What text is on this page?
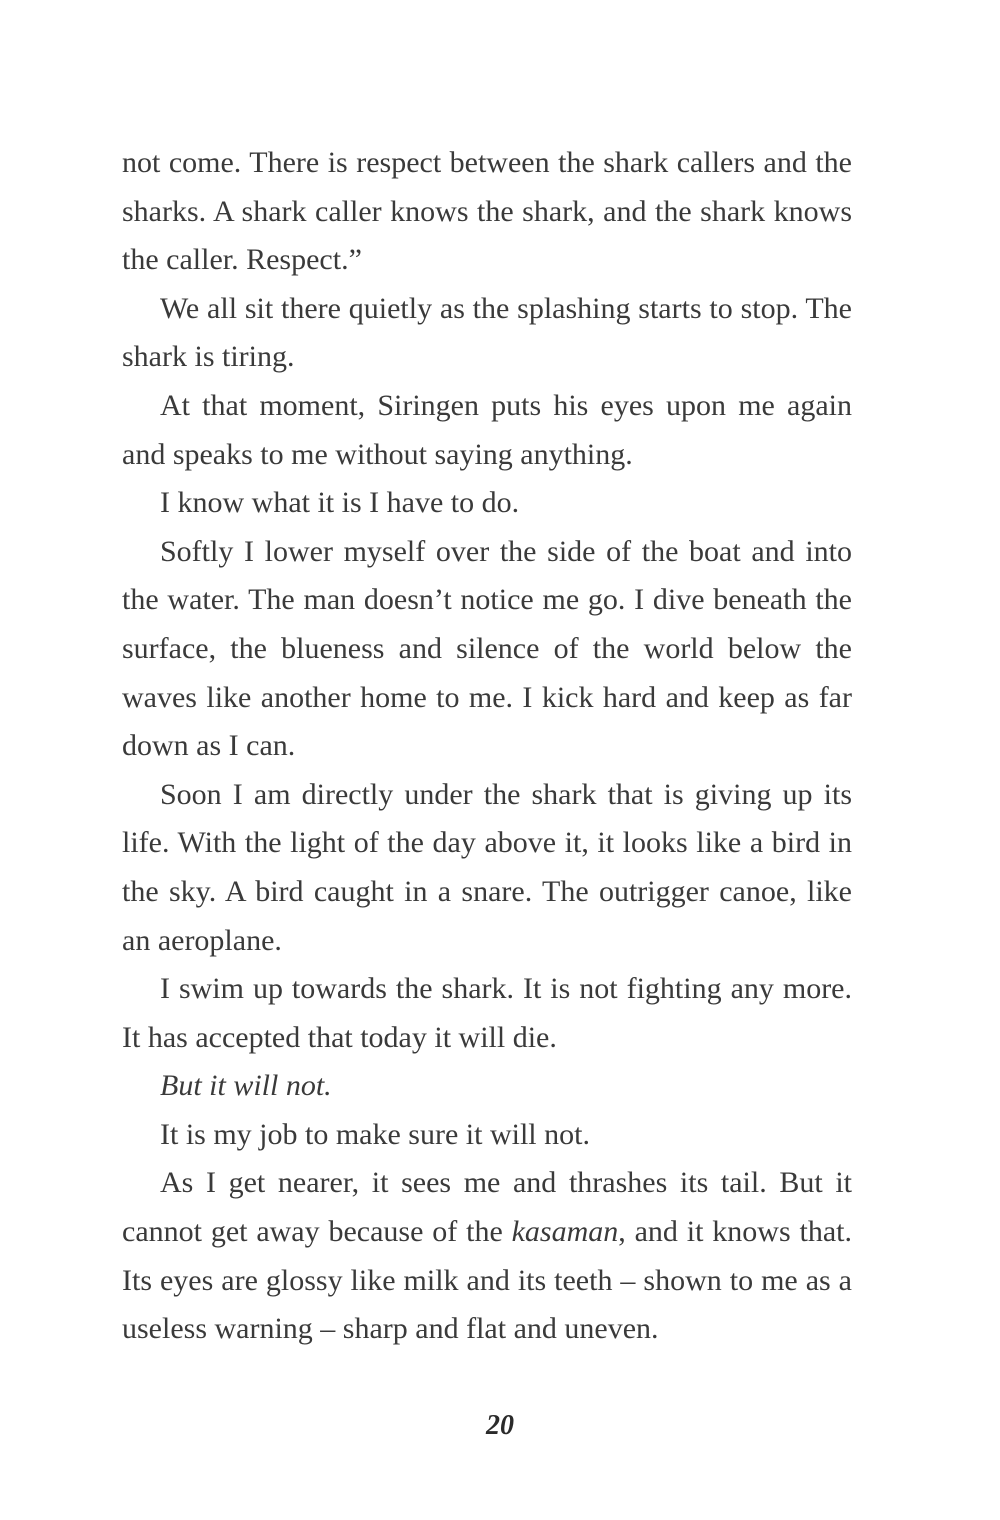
not come. There is respect between the shark callers and the sharks. A shark caller knows the shark, and the shark knows the caller. Respect.”

We all sit there quietly as the splashing starts to stop. The shark is tiring.

At that moment, Siringen puts his eyes upon me again and speaks to me without saying anything.

I know what it is I have to do.

Softly I lower myself over the side of the boat and into the water. The man doesn’t notice me go. I dive beneath the surface, the blueness and silence of the world below the waves like another home to me. I kick hard and keep as far down as I can.

Soon I am directly under the shark that is giving up its life. With the light of the day above it, it looks like a bird in the sky. A bird caught in a snare. The outrigger canoe, like an aeroplane.

I swim up towards the shark. It is not fighting any more. It has accepted that today it will die.

But it will not.

It is my job to make sure it will not.

As I get nearer, it sees me and thrashes its tail. But it cannot get away because of the kasaman, and it knows that. Its eyes are glossy like milk and its teeth – shown to me as a useless warning – sharp and flat and uneven.

20
